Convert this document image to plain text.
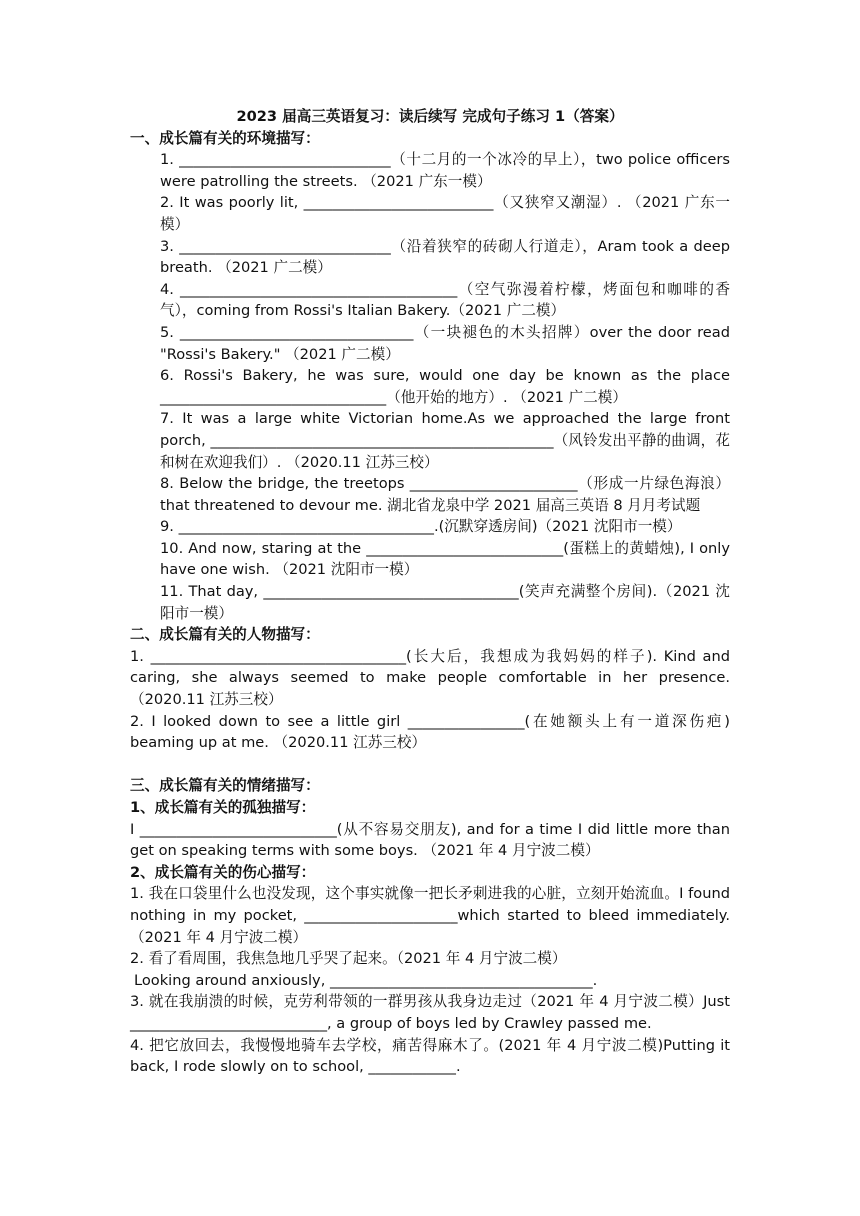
2023 届高三英语复习：读后续写 完成句子练习 1（答案）

一、成长篇有关的环境描写：

1. _____________________________（十二月的一个冰冷的早上），two police officers were patrolling the streets. （2021 广东一模）

2. It was poorly lit, __________________________（又狭窄又潮湿）. （2021 广东一模）

3. _____________________________（沿着狭窄的砖砌人行道走），Aram took a deep breath. （2021 广二模）

4. ______________________________________（空气弥漫着柠檬，烤面包和咖啡的香气），coming from Rossi's Italian Bakery.（2021 广二模）

5. ________________________________（一块褪色的木头招牌）over the door read "Rossi's Bakery." （2021 广二模）

6. Rossi's Bakery, he was sure, would one day be known as the place _______________________________（他开始的地方）. （2021 广二模）

7. It was a large white Victorian home.As we approached the large front porch, _______________________________________________（风铃发出平静的曲调，花和树在欢迎我们）. （2020.11 江苏三校）

8. Below the bridge, the treetops _______________________（形成一片绿色海浪） that threatened to devour me. 湖北省龙泉中学 2021 届高三英语 8 月月考试题

9. ___________________________________.(沉默穿透房间)（2021 沈阳市一模）

10. And now, staring at the ___________________________(蛋糕上的黄蜡烛), I only have one wish. （2021 沈阳市一模）

11. That day, ___________________________________(笑声充满整个房间).（2021 沈阳市一模）

二、成长篇有关的人物描写：

1. ___________________________________(长大后，我想成为我妈妈的样子). Kind and caring, she always seemed to make people comfortable in her presence. （2020.11 江苏三校）

2. I looked down to see a little girl ________________(在她额头上有一道深伤疤) beaming up at me. （2020.11 江苏三校）

三、成长篇有关的情绪描写：

1、成长篇有关的孤独描写：

I ___________________________(从不容易交朋友), and for a time I did little more than get on speaking terms with some boys. （2021 年 4 月宁波二模）

2、成长篇有关的伤心描写：

1. 我在口袋里什么也没发现，这个事实就像一把长矛刺进我的心脏，立刻开始流血。I found nothing in my pocket, _____________________which started to bleed immediately. （2021 年 4 月宁波二模）

2. 看了看周围，我焦急地几乎哭了起来。（2021 年 4 月宁波二模）

Looking around anxiously, ____________________________________.

3. 就在我崩溃的时候，克劳利带领的一群男孩从我身边走过（2021 年 4 月宁波二模）Just ___________________________, a group of boys led by Crawley passed me.

4. 把它放回去，我慢慢地骑车去学校，痛苦得麻木了。(2021 年 4 月宁波二模)Putting it back, I rode slowly on to school, ____________.
